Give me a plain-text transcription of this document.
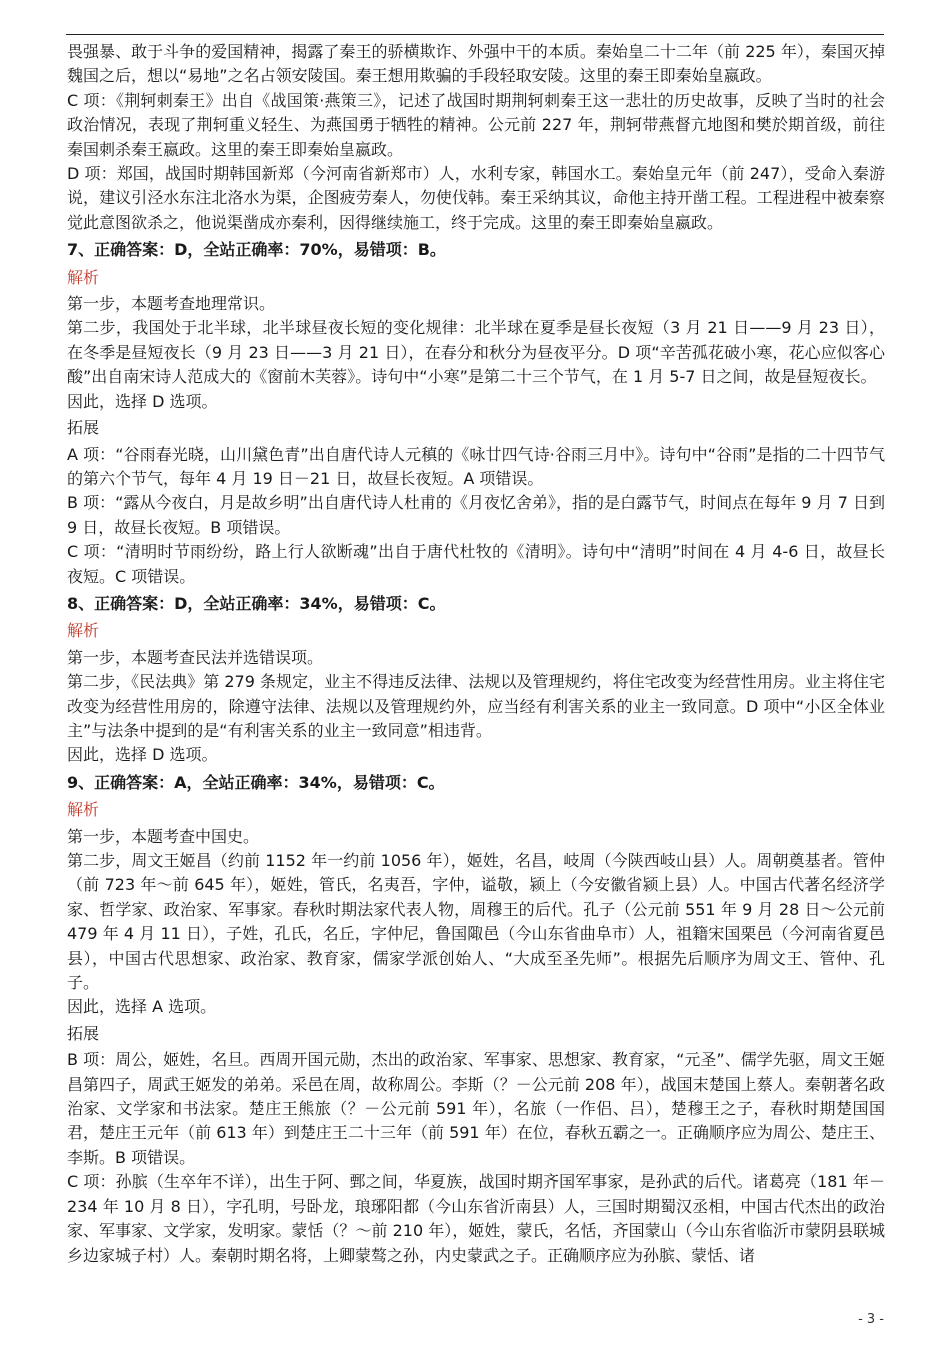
畏强暴、敢于斗争的爱国精神，揭露了秦王的骄横欺诈、外强中干的本质。秦始皇二十二年（前 225 年），秦国灭掉魏国之后，想以“易地”之名占领安陵国。秦王想用欺骗的手段轻取安陵。这里的秦王即秦始皇嬴政。

C 项：《荆轲刺秦王》出自《战国策·燕策三》，记述了战国时期荆轲刺秦王这一悲壮的历史故事，反映了当时的社会政治情况，表现了荆轲重义轻生、为燕国勇于牺牲的精神。公元前 227 年，荆轲带燕督亢地图和樊於期首级，前往秦国刺杀秦王嬴政。这里的秦王即秦始皇嬴政。

D 项：郑国，战国时期韩国新郑（今河南省新郑市）人，水利专家，韩国水工。秦始皇元年（前 247），受命入秦游说，建议引泾水东注北洛水为渠，企图疲劳秦人，勿使伐韩。秦王采纳其议，命他主持开凿工程。工程进程中被秦察觉此意图欲杀之，他说渠凿成亦秦利，因得继续施工，终于完成。这里的秦王即秦始皇嬴政。

7、正确答案：D，全站正确率：70%，易错项：B。
解析

第一步，本题考查地理常识。

第二步，我国处于北半球，北半球昼夜长短的变化规律：北半球在夏季是昼长夜短（3 月 21 日——9 月 23 日），在冬季是昼短夜长（9 月 23 日——3 月 21 日），在春分和秋分为昼夜平分。D 项“辛苦孤花破小寒，花心应似客心酸”出自南宋诗人范成大的《窗前木芙蓉》。诗句中“小寒”是第二十三个节气，在 1 月 5-7 日之间，故是昼短夜长。

因此，选择 D 选项。

拓展

A 项：“谷雨春光晓，山川黛色青”出自唐代诗人元稹的《咏廿四气诗·谷雨三月中》。诗句中“谷雨”是指的二十四节气的第六个节气，每年 4 月 19 日－21 日，故昼长夜短。A 项错误。

B 项：“露从今夜白，月是故乡明”出自唐代诗人杜甫的《月夜忆舍弟》，指的是白露节气，时间点在每年 9 月 7 日到 9 日，故昼长夜短。B 项错误。

C 项：“清明时节雨纷纷，路上行人欲断魂”出自于唐代杜牧的《清明》。诗句中“清明”时间在 4 月 4-6 日，故昼长夜短。C 项错误。

8、正确答案：D，全站正确率：34%，易错项：C。
解析

第一步，本题考查民法并选错误项。

第二步，《民法典》第 279 条规定，业主不得违反法律、法规以及管理规约，将住宅改变为经营性用房。业主将住宅改变为经营性用房的，除遵守法律、法规以及管理规约外，应当经有利害关系的业主一致同意。D 项中“小区全体业主”与法条中提到的是“有利害关系的业主一致同意”相违背。

因此，选择 D 选项。

9、正确答案：A，全站正确率：34%，易错项：C。
解析

第一步，本题考查中国史。

第二步，周文王姬昌（约前 1152 年一约前 1056 年），姬姓，名昌，岐周（今陕西岐山县）人。周朝奠基者。管仲（前 723 年～前 645 年），姬姓，管氏，名夷吾，字仲，谥敬，颍上（今安徽省颍上县）人。中国古代著名经济学家、哲学家、政治家、军事家。春秋时期法家代表人物，周穆王的后代。孔子（公元前 551 年 9 月 28 日～公元前 479 年 4 月 11 日），子姓，孔氏，名丘，字仲尼，鲁国陬邑（今山东省曲阜市）人，祖籍宋国栗邑（今河南省夏邑县），中国古代思想家、政治家、教育家，儒家学派创始人、“大成至圣先师”。根据先后顺序为周文王、管仲、孔子。

因此，选择 A 选项。

拓展

B 项：周公，姬姓，名旦。西周开国元勋，杰出的政治家、军事家、思想家、教育家，“元圣”、儒学先驱，周文王姬昌第四子，周武王姬发的弟弟。采邑在周，故称周公。李斯（？－公元前 208 年），战国末楚国上蔡人。秦朝著名政治家、文学家和书法家。楚庄王熊旅（？－公元前 591 年），名旅（一作侣、吕），楚穆王之子，春秋时期楚国国君，楚庄王元年（前 613 年）到楚庄王二十三年（前 591 年）在位，春秋五霸之一。正确顺序应为周公、楚庄王、李斯。B 项错误。

C 项：孙膑（生卒年不详），出生于阿、鄄之间，华夏族，战国时期齐国军事家，是孙武的后代。诸葛亮（181 年－234 年 10 月 8 日），字孔明，号卧龙，琅琊阳都（今山东省沂南县）人，三国时期蜀汉丞相，中国古代杰出的政治家、军事家、文学家，发明家。蒙恬（？～前 210 年），姬姓，蒙氏，名恬，齐国蒙山（今山东省临沂市蒙阴县联城乡边家城子村）人。秦朝时期名将，上卿蒙骜之孙，内史蒙武之子。正确顺序应为孙膑、蒙恬、诸

- 3 -
